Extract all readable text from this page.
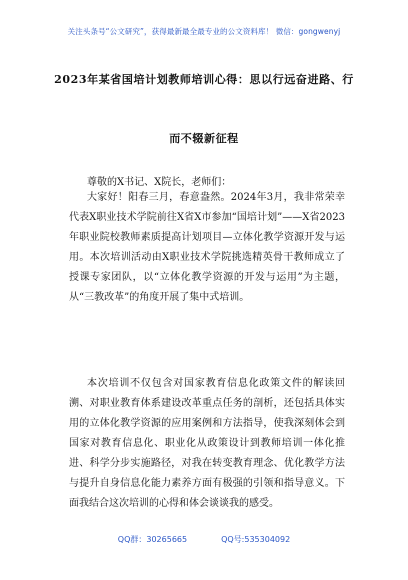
关注头条号“公文研究”，获得最新最全最专业的公文资料库！ 微信：gongwenyj
2023年某省国培计划教师培训心得：思以行远奋进路、行
而不辍新征程
尊敬的X书记、X院长，老师们：

大家好！阳春三月，春意盎然。2024年3月，我非常荣幸代表X职业技术学院前往X省X市参加“国培计划”——X省2023年职业院校教师素质提高计划项目—立体化教学资源开发与运用。本次培训活动由X职业技术学院挑选精英骨干教师成立了授课专家团队，以“立体化教学资源的开发与运用”为主题，从“三教改革”的角度开展了集中式培训。

本次培训不仅包含对国家教育信息化政策文件的解读回溯、对职业教育体系建设改革重点任务的剖析，还包括具体实用的立体化教学资源的应用案例和方法指导，使我深刻体会到国家对教育信息化、职业化从政策设计到教师培训一体化推进、科学分步实施路径，对我在转变教育理念、优化教学方法与提升自身信息化能力素养方面有极强的引领和指导意义。下面我结合这次培训的心得和体会谈谈我的感受。

QQ群：30265665	QQ号:535304092
